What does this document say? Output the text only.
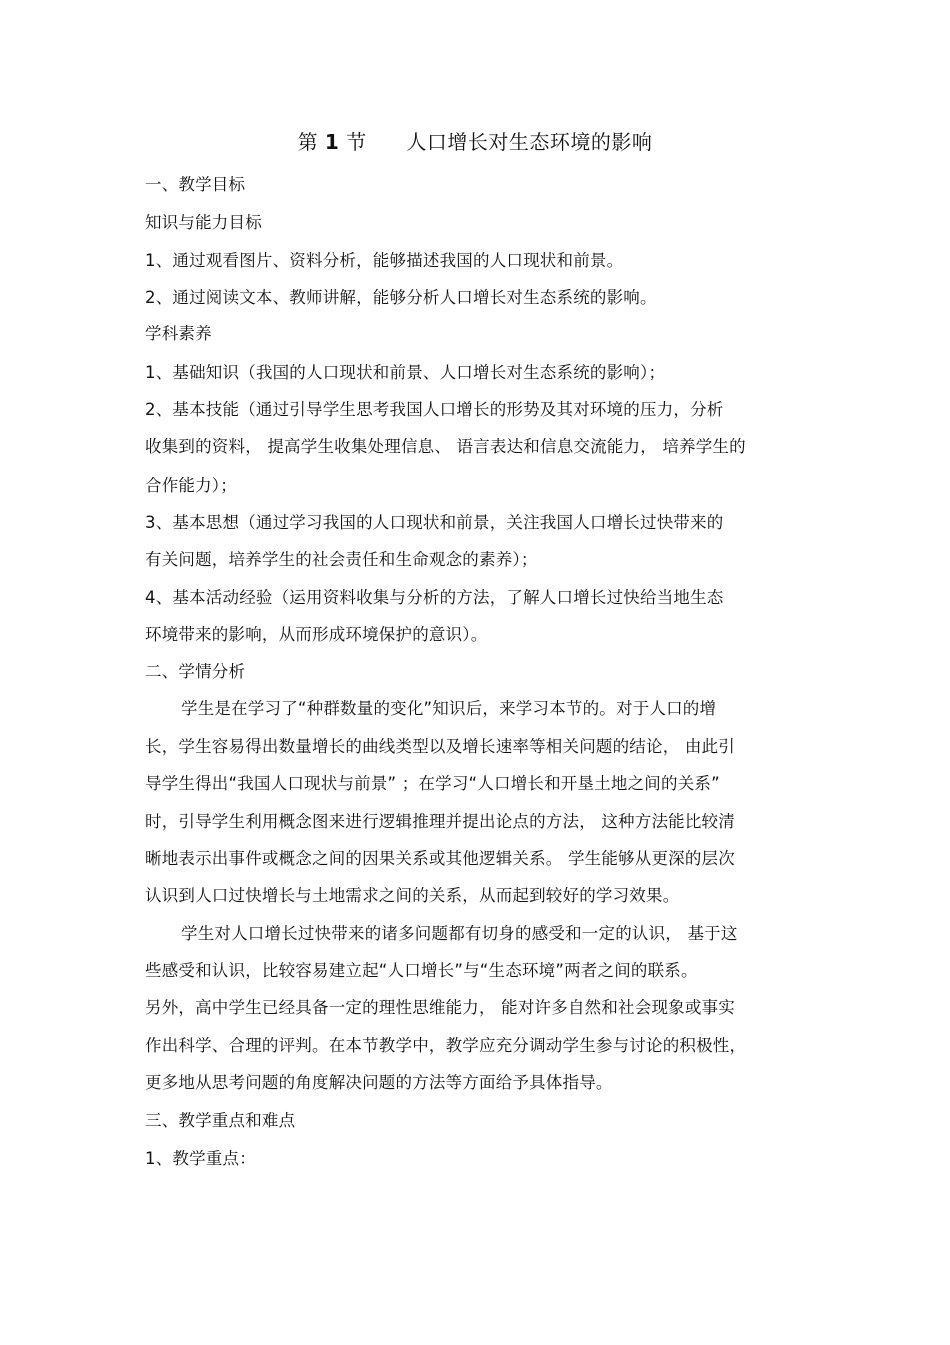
第 1 节 人口增长对生态环境的影响
一、教学目标
知识与能力目标
1、通过观看图片、资料分析，能够描述我国的人口现状和前景。
2、通过阅读文本、教师讲解，能够分析人口增长对生态系统的影响。
学科素养
1、基础知识（我国的人口现状和前景、人口增长对生态系统的影响）；
2、基本技能（通过引导学生思考我国人口增长的形势及其对环境的压力，分析
收集到的资料， 提高学生收集处理信息、 语言表达和信息交流能力， 培养学生的
合作能力）；
3、基本思想（通过学习我国的人口现状和前景，关注我国人口增长过快带来的
有关问题，培养学生的社会责任和生命观念的素养）；
4、基本活动经验（运用资料收集与分析的方法，了解人口增长过快给当地生态
环境带来的影响，从而形成环境保护的意识）。
二、学情分析
学生是在学习了“种群数量的变化”知识后，来学习本节的。对于人口的增
长，学生容易得出数量增长的曲线类型以及增长速率等相关问题的结论， 由此引
导学生得出“我国人口现状与前景” ；在学习“人口增长和开垦土地之间的关系”
时，引导学生利用概念图来进行逻辑推理并提出论点的方法， 这种方法能比较清
晰地表示出事件或概念之间的因果关系或其他逻辑关系。 学生能够从更深的层次
认识到人口过快增长与土地需求之间的关系，从而起到较好的学习效果。
学生对人口增长过快带来的诸多问题都有切身的感受和一定的认识， 基于这
些感受和认识，比较容易建立起“人口增长”与“生态环境”两者之间的联系。
另外，高中学生已经具备一定的理性思维能力， 能对许多自然和社会现象或事实
作出科学、合理的评判。在本节教学中，教学应充分调动学生参与讨论的积极性，
更多地从思考问题的角度解决问题的方法等方面给予具体指导。
三、教学重点和难点
1、教学重点：
